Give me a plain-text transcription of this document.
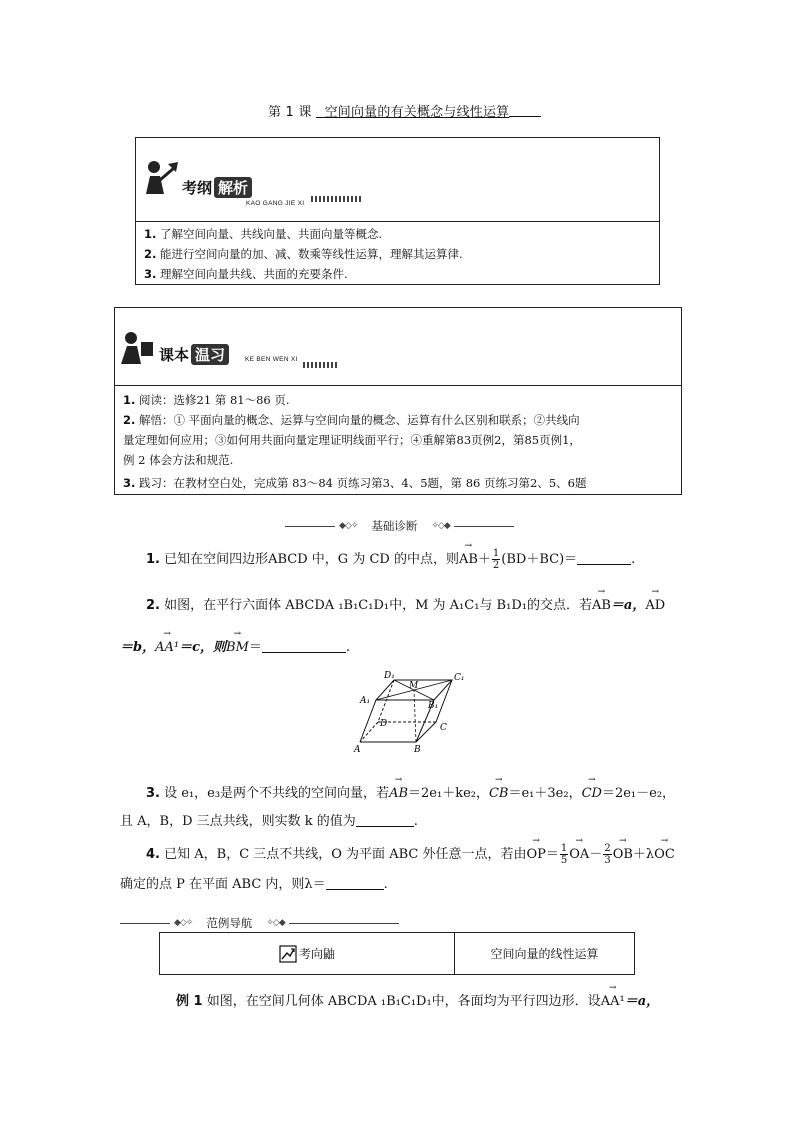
第 1 课 空间向量的有关概念与线性运算
考纲 解析
KAO GANG JIE XI
1. 了解空间向量、共线向量、共面向量等概念.
2. 能进行空间向量的加、减、数乘等线性运算，理解其运算律.
3. 理解空间向量共线、共面的充要条件.
课本 温习	KE BEN WEN XI
1. 阅读：选修21 第 81～86 页.
2. 解悟：① 平面向量的概念、运算与空间向量的概念、运算有什么区别和联系；②共线向
量定理如何应用；③如何用共面向量定理证明线面平行；④重解第83页例2，第85页例1，
例 2 体会方法和规范.
3. 践习：在教材空白处，完成第 83～84 页练习第3、4、5题，第 86 页练习第2、5、6题
◆◇✧ 基础诊断 ✧◇◆
1. 已知在空间四边形ABCD 中，G 为 CD 的中点，则→ $AB+ \frac{1}{2} (BD+BC)=$	.
2. 如图，在平行六面体 ABCDA ₁B₁C₁D₁中，M 为 A₁C₁与 B₁D₁的交点．若→ AB＝a，→ AD
＝b，→ AA¹＝c，则→ BM＝	.
D₁
M
C₁
A₁	B₁
D	C
A	B
3. 设 e₁，e₃是两个不共线的空间向量，若→ AB＝2e₁＋ke₂，→ CB＝e₁＋3e₂，→ CD＝2e₁－e₂，
且 A，B，D 三点共线，则实数 k 的值为	.
4. 已知 A，B，C 三点不共线，O 为平面 ABC 外任意一点，若由→ $OP= \frac{1}{5}$
→ $OA- \frac{2}{3}$
→ OB＋λ→ OC
确定的点 P 在平面 ABC 内，则λ＝	.
◆◇✧ 范例导航 ✧◇◆
考向鼬	空间向量的线性运算
例 1 如图，在空间几何体 ABCDA ₁B₁C₁D₁中，各面均为平行四边形．设→ AA¹＝a，
